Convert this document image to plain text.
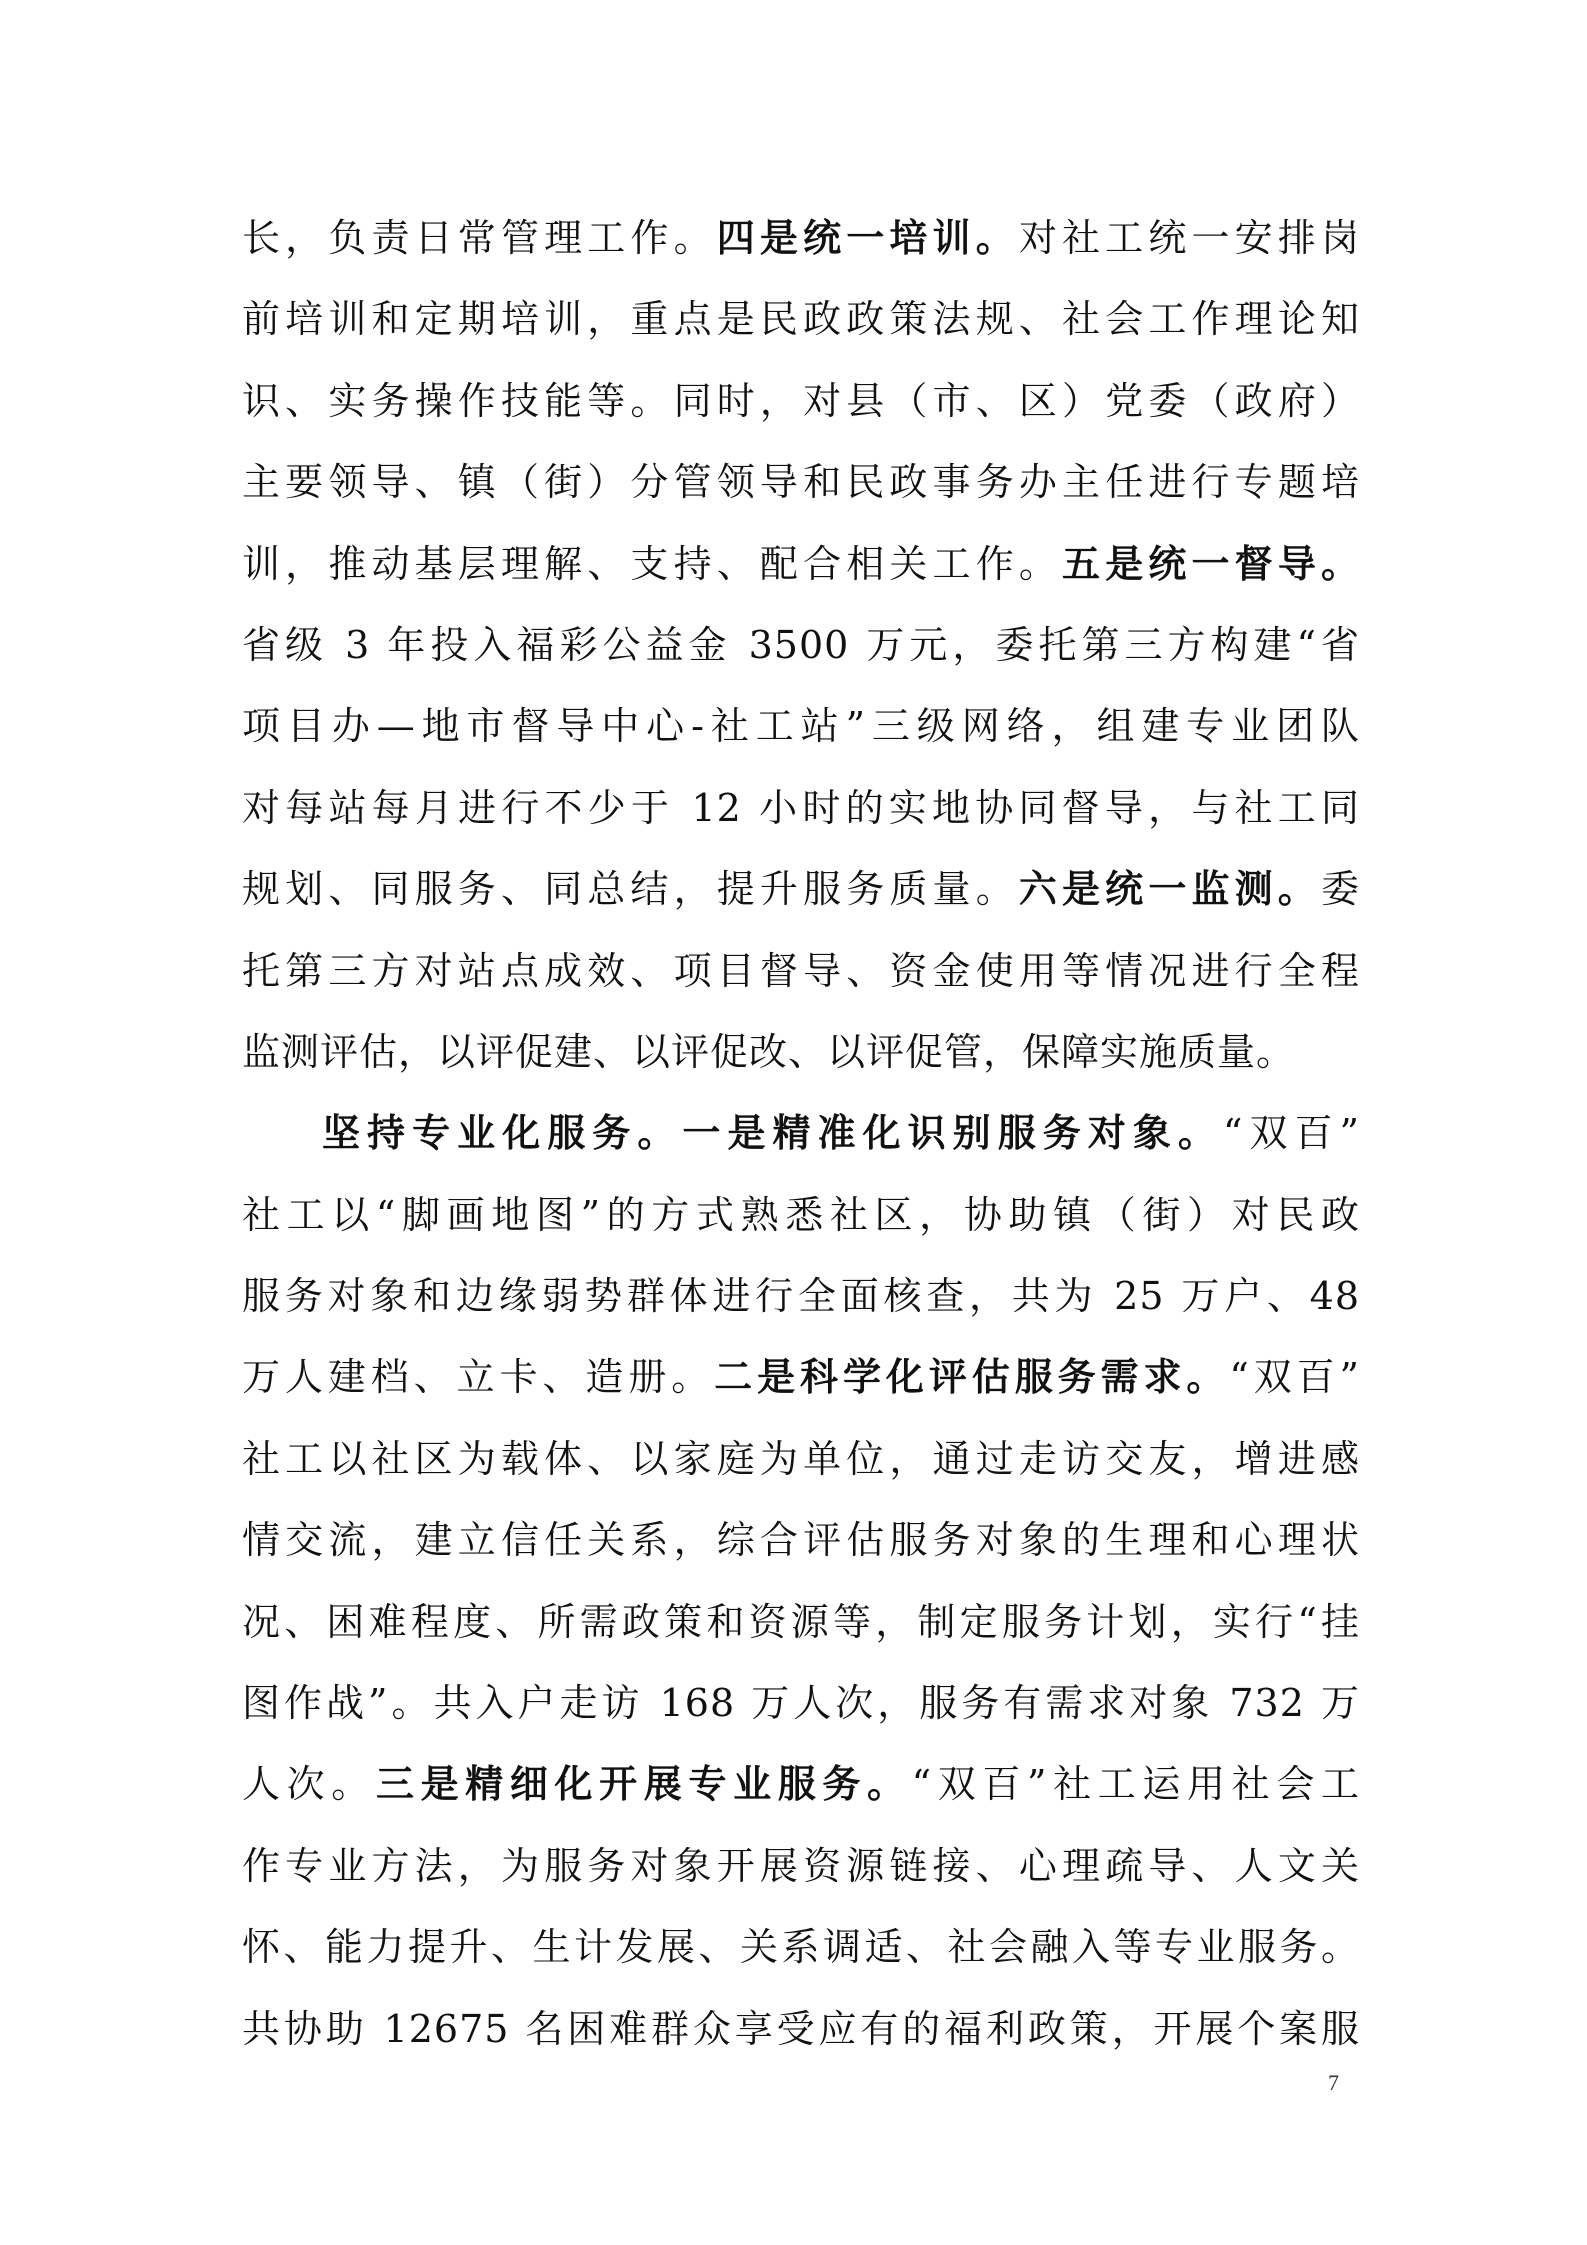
长，负责日常管理工作。四是统一培训。对社工统一安排岗
前培训和定期培训，重点是民政政策法规、社会工作理论知
识、实务操作技能等。同时，对县（市、区）党委（政府）
主要领导、镇（街）分管领导和民政事务办主任进行专题培
训，推动基层理解、支持、配合相关工作。五是统一督导。
省级 3 年投入福彩公益金 3500 万元，委托第三方构建“省
项目办—地市督导中心-社工站”三级网络，组建专业团队
对每站每月进行不少于 12 小时的实地协同督导，与社工同
规划、同服务、同总结，提升服务质量。六是统一监测。委
托第三方对站点成效、项目督导、资金使用等情况进行全程
监测评估，以评促建、以评促改、以评促管，保障实施质量。
坚持专业化服务。一是精准化识别服务对象。“双百”
社工以“脚画地图”的方式熟悉社区，协助镇（街）对民政
服务对象和边缘弱势群体进行全面核查，共为 25 万户、48
万人建档、立卡、造册。二是科学化评估服务需求。“双百”
社工以社区为载体、以家庭为单位，通过走访交友，增进感
情交流，建立信任关系，综合评估服务对象的生理和心理状
况、困难程度、所需政策和资源等，制定服务计划，实行“挂
图作战”。共入户走访 168 万人次，服务有需求对象 732 万
人次。三是精细化开展专业服务。“双百”社工运用社会工
作专业方法，为服务对象开展资源链接、心理疏导、人文关
怀、能力提升、生计发展、关系调适、社会融入等专业服务。
共协助 12675 名困难群众享受应有的福利政策，开展个案服
7
